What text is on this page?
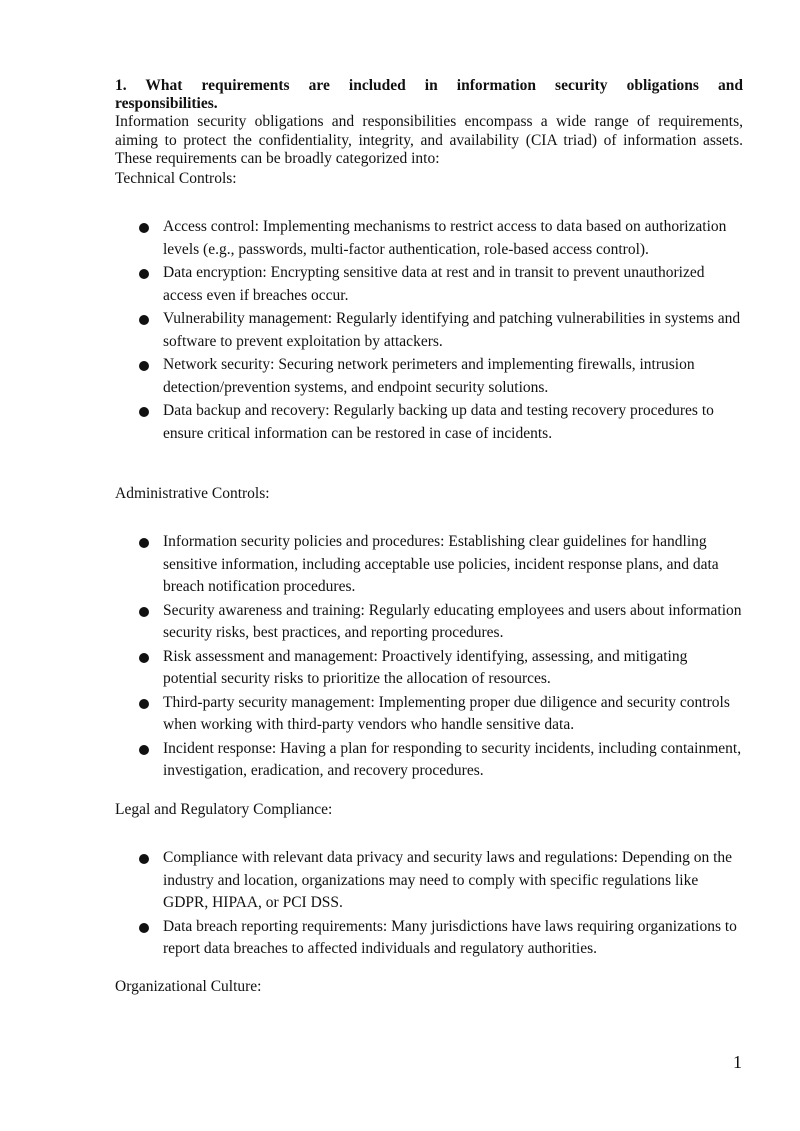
1. What requirements are included in information security obligations and
responsibilities.

Information security obligations and responsibilities encompass a wide range of requirements, aiming to protect the confidentiality, integrity, and availability (CIA triad) of information assets. These requirements can be broadly categorized into:

Technical Controls:

Access control: Implementing mechanisms to restrict access to data based on authorization levels (e.g., passwords, multi-factor authentication, role-based access control).
Data encryption: Encrypting sensitive data at rest and in transit to prevent unauthorized access even if breaches occur.
Vulnerability management: Regularly identifying and patching vulnerabilities in systems and software to prevent exploitation by attackers.
Network security: Securing network perimeters and implementing firewalls, intrusion detection/prevention systems, and endpoint security solutions.
Data backup and recovery: Regularly backing up data and testing recovery procedures to ensure critical information can be restored in case of incidents.

Administrative Controls:

Information security policies and procedures: Establishing clear guidelines for handling sensitive information, including acceptable use policies, incident response plans, and data breach notification procedures.
Security awareness and training: Regularly educating employees and users about information security risks, best practices, and reporting procedures.
Risk assessment and management: Proactively identifying, assessing, and mitigating potential security risks to prioritize the allocation of resources.
Third-party security management: Implementing proper due diligence and security controls when working with third-party vendors who handle sensitive data.
Incident response: Having a plan for responding to security incidents, including containment, investigation, eradication, and recovery procedures.

Legal and Regulatory Compliance:

Compliance with relevant data privacy and security laws and regulations: Depending on the industry and location, organizations may need to comply with specific regulations like GDPR, HIPAA, or PCI DSS.
Data breach reporting requirements: Many jurisdictions have laws requiring organizations to report data breaches to affected individuals and regulatory authorities.

Organizational Culture:

1
